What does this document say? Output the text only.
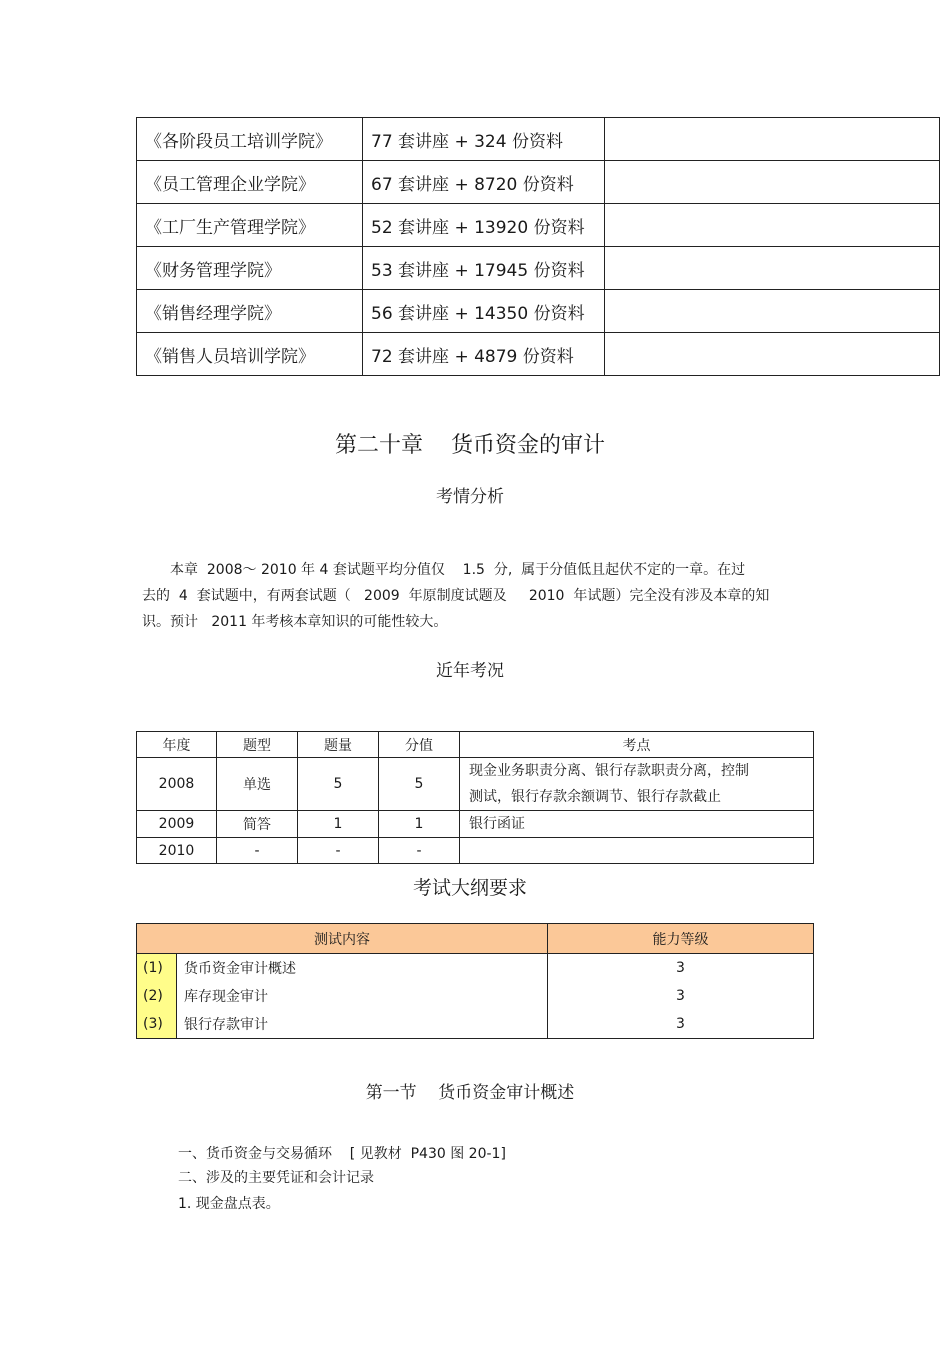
《各阶段员工培训学院》	77 套讲座 + 324 份资料	
《员工管理企业学院》	67 套讲座 + 8720 份资料	
《工厂生产管理学院》	52 套讲座 + 13920 份资料	
《财务管理学院》	53 套讲座 + 17945 份资料	
《销售经理学院》	56 套讲座 + 14350 份资料	
《销售人员培训学院》	72 套讲座 + 4879 份资料	
第二十章    货币资金的审计
考情分析
本章  2008～ 2010 年 4 套试题平均分值仅    1.5  分,  属于分值低且起伏不定的一章。在过
去的  4  套试题中，有两套试题（   2009  年原制度试题及     2010  年试题）完全没有涉及本章的知
识。预计   2011 年考核本章知识的可能性较大。
近年考况
年度	题型	题量	分值	考点
2008	单选	5	5	现金业务职责分离、银行存款职责分离，控制
测试，银行存款余额调节、银行存款截止

2009	简答	1	1	银行函证
2010	-	-	-	
考试大纲要求
测试内容		能力等级
(1)	货币资金审计概述	3
(2)	库存现金审计	3
(3)	银行存款审计	3
第一节    货币资金审计概述
一、货币资金与交易循环    [ 见教材  P430 图 20-1]
二、涉及的主要凭证和会计记录
1. 现金盘点表。
